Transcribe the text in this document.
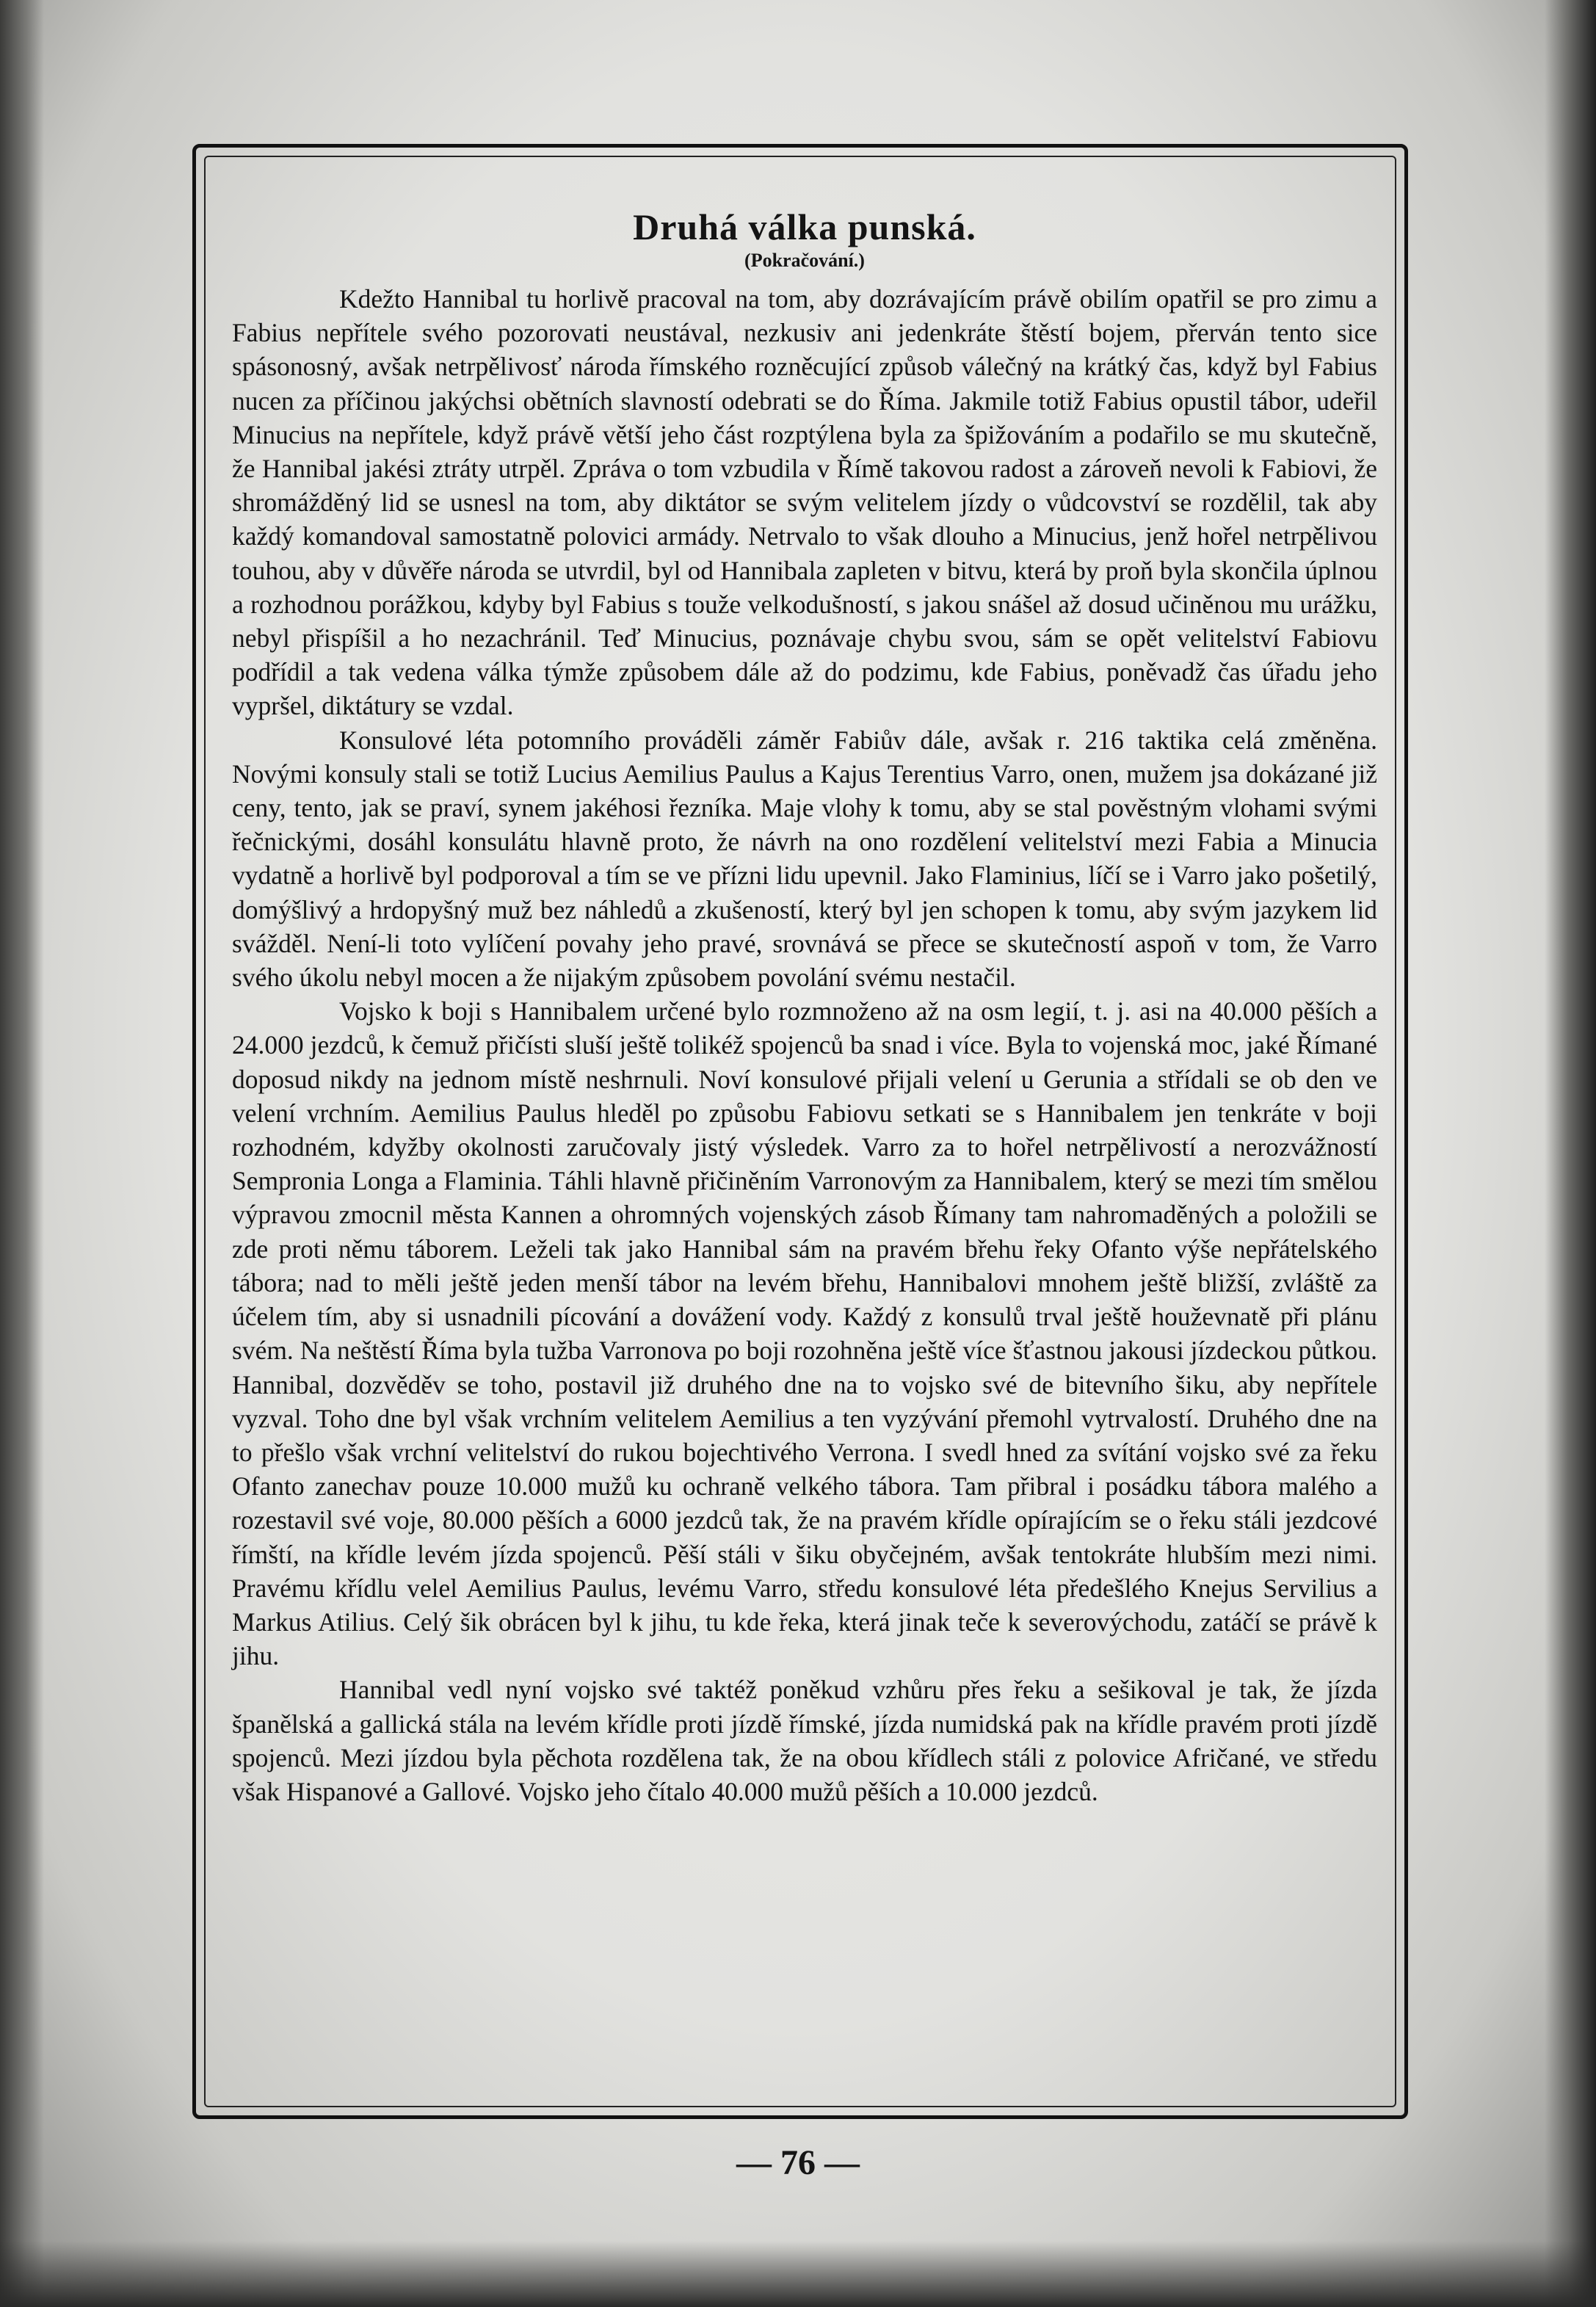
Druhá válka punská.
(Pokračování.)

Kdežto Hannibal tu horlivě pracoval na tom, aby dozrávajícím právě obilím opatřil se pro zimu a Fabius nepřítele svého pozorovati neustával, nezkusiv ani jedenkráte štěstí bojem, přerván tento sice spásonosný, avšak netrpělivosť národa římského rozněcující způsob válečný na krátký čas, když byl Fabius nucen za příčinou jakýchsi obětních slavností odebrati se do Říma. Jakmile totiž Fabius opustil tábor, udeřil Minucius na nepřítele, když právě větší jeho část rozptýlena byla za špižováním a podařilo se mu skutečně, že Hannibal jakési ztráty utrpěl. Zpráva o tom vzbudila v Římě takovou radost a zároveň nevoli k Fabiovi, že shromážděný lid se usnesl na tom, aby diktátor se svým velitelem jízdy o vůdcovství se rozdělil, tak aby každý komandoval samostatně polovici armády. Netrvalo to však dlouho a Minucius, jenž hořel netrpělivou touhou, aby v důvěře národa se utvrdil, byl od Hannibala zapleten v bitvu, která by proň byla skončila úplnou a rozhodnou porážkou, kdyby byl Fabius s touže velkodušností, s jakou snášel až dosud učiněnou mu urážku, nebyl přispíšil a ho nezachránil. Teď Minucius, poznávaje chybu svou, sám se opět velitelství Fabiovu podřídil a tak vedena válka týmže způsobem dále až do podzimu, kde Fabius, poněvadž čas úřadu jeho vypršel, diktátury se vzdal.

Konsulové léta potomního prováděli záměr Fabiův dále, avšak r. 216 taktika celá změněna. Novými konsuly stali se totiž Lucius Aemilius Paulus a Kajus Terentius Varro, onen, mužem jsa dokázané již ceny, tento, jak se praví, synem jakéhosi řezníka. Maje vlohy k tomu, aby se stal pověstným vlohami svými řečnickými, dosáhl konsulátu hlavně proto, že návrh na ono rozdělení velitelství mezi Fabia a Minucia vydatně a horlivě byl podporoval a tím se ve přízni lidu upevnil. Jako Flaminius, líčí se i Varro jako pošetilý, domýšlivý a hrdopyšný muž bez náhledů a zkušeností, který byl jen schopen k tomu, aby svým jazykem lid svážděl. Není-li toto vylíčení povahy jeho pravé, srovnává se přece se skutečností aspoň v tom, že Varro svého úkolu nebyl mocen a že nijakým způsobem povolání svému nestačil.

Vojsko k boji s Hannibalem určené bylo rozmnoženo až na osm legií, t. j. asi na 40.000 pěších a 24.000 jezdců, k čemuž přičísti sluší ještě tolikéž spojenců ba snad i více. Byla to vojenská moc, jaké Římané doposud nikdy na jednom místě neshrnuli. Noví konsulové přijali velení u Gerunia a střídali se ob den ve velení vrchním. Aemilius Paulus hleděl po způsobu Fabiovu setkati se s Hannibalem jen tenkráte v boji rozhodném, kdyžby okolnosti zaručovaly jistý výsledek. Varro za to hořel netrpělivostí a nerozvážností Sempronia Longa a Flaminia. Táhli hlavně přičiněním Varronovým za Hannibalem, který se mezi tím smělou výpravou zmocnil města Kannen a ohromných vojenských zásob Římany tam nahromaděných a položili se zde proti němu táborem. Leželi tak jako Hannibal sám na pravém břehu řeky Ofanto výše nepřátelského tábora; nad to měli ještě jeden menší tábor na levém břehu, Hannibalovi mnohem ještě bližší, zvláště za účelem tím, aby si usnadnili pícování a dovážení vody. Každý z konsulů trval ještě houževnatě při plánu svém. Na neštěstí Říma byla tužba Varronova po boji rozohněna ještě více šťastnou jakousi jízdeckou půtkou. Hannibal, dozvěděv se toho, postavil již druhého dne na to vojsko své de bitevního šiku, aby nepřítele vyzval. Toho dne byl však vrchním velitelem Aemilius a ten vyzývání přemohl vytrvalostí. Druhého dne na to přešlo však vrchní velitelství do rukou bojechtivého Verrona. I svedl hned za svítání vojsko své za řeku Ofanto zanechav pouze 10.000 mužů ku ochraně velkého tábora. Tam přibral i posádku tábora malého a rozestavil své voje, 80.000 pěších a 6000 jezdců tak, že na pravém křídle opírajícím se o řeku stáli jezdcové římští, na křídle levém jízda spojenců. Pěší stáli v šiku obyčejném, avšak tentokráte hlubším mezi nimi. Pravému křídlu velel Aemilius Paulus, levému Varro, středu konsulové léta předešlého Knejus Servilius a Markus Atilius. Celý šik obrácen byl k jihu, tu kde řeka, která jinak teče k severovýchodu, zatáčí se právě k jihu.

Hannibal vedl nyní vojsko své taktéž poněkud vzhůru přes řeku a sešikoval je tak, že jízda španělská a gallická stála na levém křídle proti jízdě římské, jízda numidská pak na křídle pravém proti jízdě spojenců. Mezi jízdou byla pěchota rozdělena tak, že na obou křídlech stáli z polovice Afričané, ve středu však Hispanové a Gallové. Vojsko jeho čítalo 40.000 mužů pěších a 10.000 jezdců.

— 76 —
